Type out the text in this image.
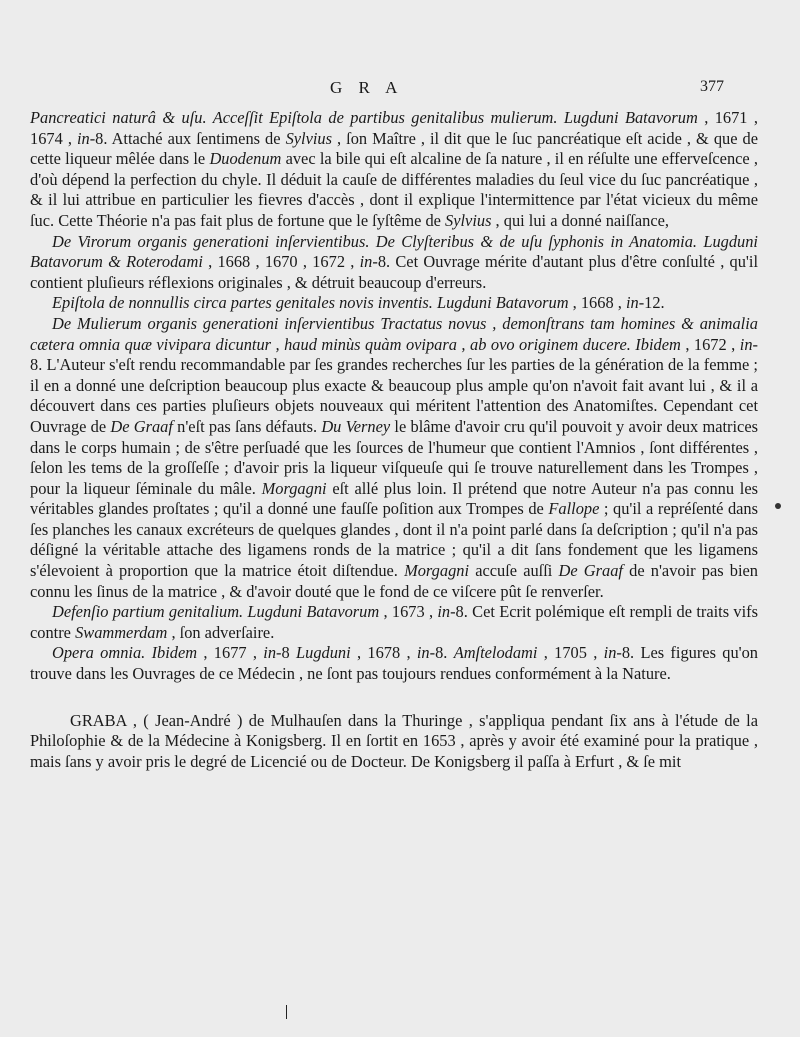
G R A	377

Pancreatici naturâ & uſu. Acceſſit Epiſtola de partibus genitalibus mulierum. Lugduni Batavorum , 1671 , 1674 , in-8. Attaché aux ſentimens de Sylvius , ſon Maître , il dit que le ſuc pancréatique eſt acide , & que de cette liqueur mêlée dans le Duodenum avec la bile qui eſt alcaline de ſa nature , il en réſulte une efferveſcence , d'où dépend la perfection du chyle. Il déduit la cauſe de différentes maladies du ſeul vice du ſuc pancréatique , & il lui attribue en particulier les fievres d'accès , dont il explique l'intermittence par l'état vicieux du même ſuc. Cette Théorie n'a pas fait plus de fortune que le ſyſtême de Sylvius , qui lui a donné naiſſance,

De Virorum organis generationi inſervientibus. De Clyſteribus & de uſu ſyphonis in Anatomia. Lugduni Batavorum & Roterodami , 1668 , 1670 , 1672 , in-8. Cet Ouvrage mérite d'autant plus d'être conſulté , qu'il contient pluſieurs réflexions originales , & détruit beaucoup d'erreurs.

Epiſtola de nonnullis circa partes genitales novis inventis. Lugduni Batavorum , 1668 , in-12.

De Mulierum organis generationi inſervientibus Tractatus novus , demonſtrans tam homines & animalia cætera omnia quæ vivipara dicuntur , haud minùs quàm ovipara , ab ovo originem ducere. Ibidem , 1672 , in-8. L'Auteur s'eſt rendu recommandable par ſes grandes recherches ſur les parties de la génération de la femme ; il en a donné une deſcription beaucoup plus exacte & beaucoup plus ample qu'on n'avoit fait avant lui , & il a découvert dans ces parties pluſieurs objets nouveaux qui méritent l'attention des Anatomiſtes. Cependant cet Ouvrage de De Graaf n'eſt pas ſans défauts. Du Verney le blâme d'avoir cru qu'il pouvoit y avoir deux matrices dans le corps humain ; de s'être perſuadé que les ſources de l'humeur que contient l'Amnios , ſont différentes , ſelon les tems de la groſſeſſe ; d'avoir pris la liqueur viſqueuſe qui ſe trouve naturellement dans les Trompes , pour la liqueur ſéminale du mâle. Morgagni eſt allé plus loin. Il prétend que notre Auteur n'a pas connu les véritables glandes proſtates ; qu'il a donné une fauſſe poſition aux Trompes de Fallope ; qu'il a repréſenté dans ſes planches les canaux excréteurs de quelques glandes , dont il n'a point parlé dans ſa deſcription ; qu'il n'a pas déſigné la véritable attache des ligamens ronds de la matrice ; qu'il a dit ſans fondement que les ligamens s'élevoient à proportion que la matrice étoit diſtendue. Morgagni accuſe auſſi De Graaf de n'avoir pas bien connu les ſinus de la matrice , & d'avoir douté que le fond de ce viſcere pût ſe renverſer.

Defenſio partium genitalium. Lugduni Batavorum , 1673 , in-8. Cet Ecrit polémique eſt rempli de traits vifs contre Swammerdam , ſon adverſaire.

Opera omnia. Ibidem , 1677 , in-8 Lugduni , 1678 , in-8. Amſtelodami , 1705 , in-8. Les figures qu'on trouve dans les Ouvrages de ce Médecin , ne ſont pas toujours rendues conformément à la Nature.

GRABA , ( Jean-André ) de Mulhauſen dans la Thuringe , s'appliqua pendant ſix ans à l'étude de la Philoſophie & de la Médecine à Konigsberg. Il en ſortit en 1653 , après y avoir été examiné pour la pratique , mais ſans y avoir pris le degré de Licencié ou de Docteur. De Konigsberg il paſſa à Erfurt , & ſe mit
